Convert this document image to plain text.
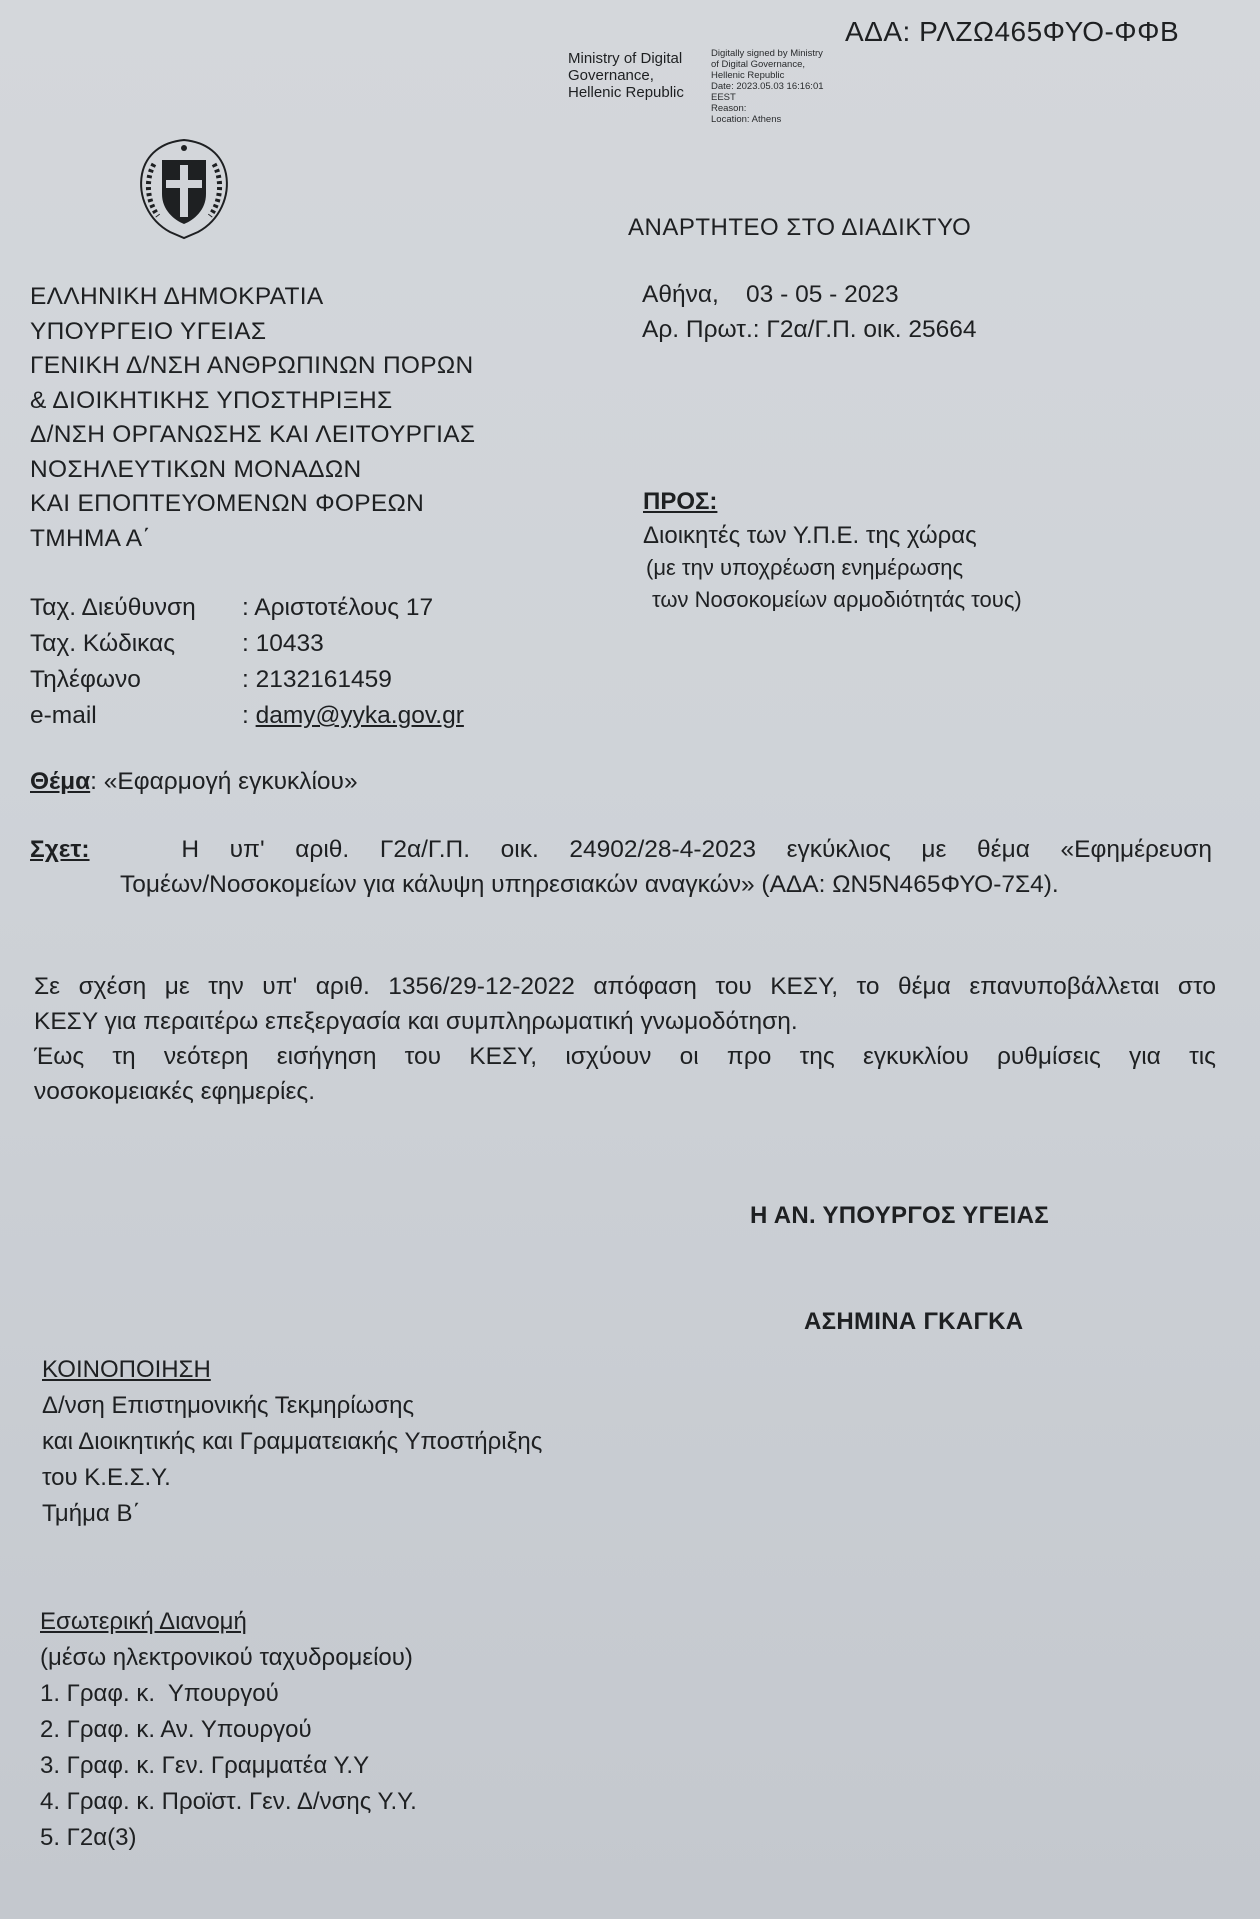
ΑΔΑ: ΡΛΖΩ465ΦΥΟ-ΦΦΒ
Ministry of Digital
Governance,
Hellenic Republic
Digitally signed by Ministry
of Digital Governance,
Hellenic Republic
Date: 2023.05.03 16:16:01
EEST
Reason:
Location: Athens
ΑΝΑΡΤΗΤΕΟ ΣΤΟ ΔΙΑΔΙΚΤΥΟ
ΕΛΛΗΝΙΚΗ ΔΗΜΟΚΡΑΤΙΑ
ΥΠΟΥΡΓΕΙΟ ΥΓΕΙΑΣ
ΓΕΝΙΚΗ Δ/ΝΣΗ ΑΝΘΡΩΠΙΝΩΝ ΠΟΡΩΝ
& ΔΙΟΙΚΗΤΙΚΗΣ ΥΠΟΣΤΗΡΙΞΗΣ
Δ/ΝΣΗ ΟΡΓΑΝΩΣΗΣ ΚΑΙ ΛΕΙΤΟΥΡΓΙΑΣ
ΝΟΣΗΛΕΥΤΙΚΩΝ ΜΟΝΑΔΩΝ
ΚΑΙ ΕΠΟΠΤΕΥΟΜΕΝΩΝ ΦΟΡΕΩΝ
ΤΜΗΜΑ Α΄
Αθήνα,    03 - 05 - 2023
Αρ. Πρωτ.: Γ2α/Γ.Π. οικ. 25664
ΠΡΟΣ:
Διοικητές των Υ.Π.Ε. της χώρας
(με την υποχρέωση ενημέρωσης
των Νοσοκομείων αρμοδιότητάς τους)
Ταχ. Διεύθυνση	: Αριστοτέλους 17
Ταχ. Κώδικας	: 10433
Τηλέφωνο	: 2132161459
e-mail	: damy@yyka.gov.gr
Θέμα: «Εφαρμογή εγκυκλίου»
Σχετ:	Η υπ' αριθ. Γ2α/Γ.Π. οικ. 24902/28-4-2023 εγκύκλιος με θέμα «Εφημέρευση
Τομέων/Νοσοκομείων για κάλυψη υπηρεσιακών αναγκών» (ΑΔΑ: ΩΝ5Ν465ΦΥΟ-7Σ4).
Σε σχέση με την υπ' αριθ. 1356/29-12-2022 απόφαση του ΚΕΣΥ, το θέμα επανυποβάλλεται στο
ΚΕΣΥ για περαιτέρω επεξεργασία και συμπληρωματική γνωμοδότηση.
Έως τη νεότερη εισήγηση του ΚΕΣΥ, ισχύουν οι προ της εγκυκλίου ρυθμίσεις για τις
νοσοκομειακές εφημερίες.
Η ΑΝ. ΥΠΟΥΡΓΟΣ ΥΓΕΙΑΣ
ΑΣΗΜΙΝΑ ΓΚΑΓΚΑ
ΚΟΙΝΟΠΟΙΗΣΗ
Δ/νση Επιστημονικής Τεκμηρίωσης
και Διοικητικής και Γραμματειακής Υποστήριξης
του Κ.Ε.Σ.Υ.
Τμήμα Β΄
Εσωτερική Διανομή
(μέσω ηλεκτρονικού ταχυδρομείου)
1. Γραφ. κ.  Υπουργού
2. Γραφ. κ. Αν. Υπουργού
3. Γραφ. κ. Γεν. Γραμματέα Υ.Υ
4. Γραφ. κ. Προϊστ. Γεν. Δ/νσης Υ.Υ.
5. Γ2α(3)
